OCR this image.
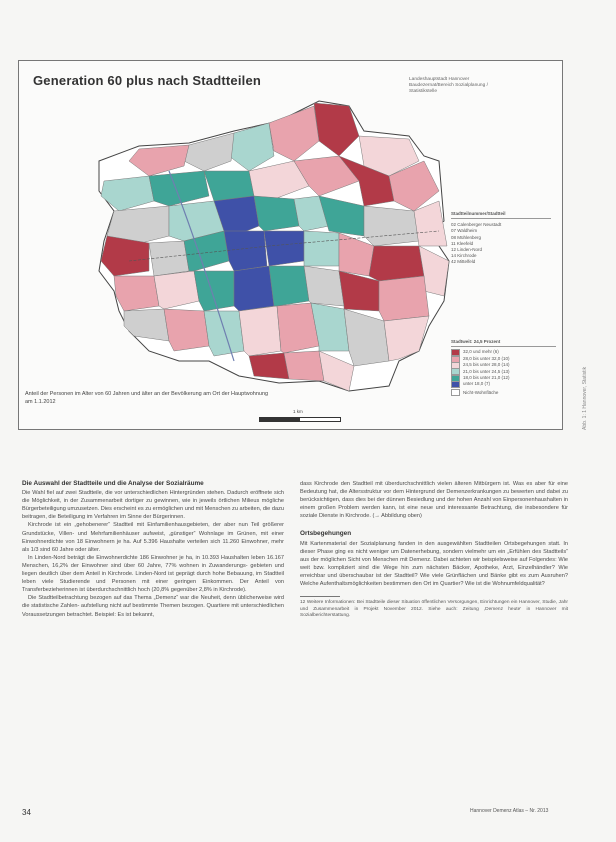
Generation 60 plus nach Stadtteilen	Landeshauptstadt Hannover
Baudezernat/Bereich Sozialplanung /
Statistikstelle
Stadtteilnummer/Stadtteil
02 Calenberger Neustadt
07 Waldheim
08 Mühlenberg
11 Kleefeld
12 Linden-Nord
14 Kirchrode
42 Mittelfeld
Stadtweit: 24,5 Prozent
32,0 und mehr
(6)
28,0 bis unter 32,0
(10)
24,5 bis unter 28,0
(14)
21,0 bis unter 24,5
(13)
18,0 bis unter 21,0
(12)
unter 18,0
(7)
Nicht-Wohnfläche
Anteil der Personen im Alter von 60 Jahren und älter an der Bevölkerung am Ort der Hauptwohnung am 1.1.2012
1 km	Abb. 1: 1 Hannover, Statistik
Die Auswahl der Stadtteile und die Analyse der Sozialräume

Die Wahl fiel auf zwei Stadtteile, die vor unterschiedlichen Hintergründen stehen. Dadurch eröffnete sich die Möglichkeit, in der Zusammenarbeit dortiger zu gewinnen, wie in jeweils örtlichen Milieus mögliche Bürgerbeteiligung umzusetzen. Dies erscheint es zu ermöglichen und mit Menschen zu arbeiten, die dazu beitragen, die Beteiligung im Verfahren im Sinne der Bürgerinnen.

Kirchrode ist ein „gehobenerer“ Stadtteil mit Einfamilienhausgebieten, der aber nun Teil größerer Grundstücke, Villen- und Mehrfamilienhäuser aufweist, „günstiger“ Wohnlage im Grünen, mit einer Einwohnerdichte von 18 Einwohnern je ha. Auf 5.396 Haushalte verteilen sich 11.260 Einwohner, mehr als 1/3 sind 60 Jahre oder älter.

In Linden-Nord beträgt die Einwohnerdichte 186 Einwohner je ha, in 10.393 Haushalten leben 16.167 Menschen, 16,2% der Einwohner sind über 60 Jahre, 77% wohnen in Zuwanderungs- gebieten und liegen deutlich über dem Anteil in Kirchrode. Linden-Nord ist geprägt durch hohe Bebauung, im Stadtteil leben viele Studierende und Personen mit einer geringen Einkommen. Der Anteil von Transferbezieherinnen ist überdurchschnittlich hoch (20,8% gegenüber 2,8% in Kirchrode).

Die Stadtteilbetrachtung bezogen auf das Thema „Demenz“ war die Neuheit, denn üblicherweise wird die statistische Zahlen- aufstellung nicht auf bestimmte Themen bezogen. Quartiere mit unterschiedlichen Voraussetzungen betrachtet. Beispiel: Es ist bekannt,

dass Kirchrode den Stadtteil mit überdurchschnittlich vielen älteren Mitbürgern ist. Was es aber für eine Bedeutung hat, die Altersstruktur vor dem Hintergrund der Demenzerkrankungen zu bewerten und dabei zu berücksichtigen, dass dies bei der dünnen Besiedlung und der hohen Anzahl von Einpersonenhaushalten in einem großen Problem werden kann, ist eine neue und interessante Betrachtung, die insbesondere für soziale Dienste in Kirchrode. (→ Abbildung oben)

Ortsbegehungen

Mit Kartenmaterial der Sozialplanung fanden in den ausgewählten Stadtteilen Ortsbegehungen statt. In dieser Phase ging es nicht weniger um Datenerhebung, sondern vielmehr um ein „Erfühlen des Stadtteils“ aus der möglichen Sicht von Menschen mit Demenz. Dabei achteten wir beispielsweise auf Folgendes: Wie weit bzw. kompliziert sind die Wege hin zum nächsten Bäcker, Apotheke, Arzt, Einzelhändler? Wie erreichbar und überschaubar ist der Stadtteil? Wie viele Grünflächen und Bänke gibt es zum Ausruhen? Welche Aufenthaltsmöglichkeiten bestimmen den Ort im Quartier? Wie ist die Wohnumfeldqualität?

12 Weitere Informationen: Bei Stadtteile dieser Situation öffentlichen Versorgungen, Einrichtungen ein Hannover, Studie, Jahr und Zusammenarbeit in Projekt November 2012. Siehe auch: Zeitung ‚Demenz heute‘ in Hannover mit Sozialberichterstattung.
34	Hannover Demenz Atlas – Nr. 2013
